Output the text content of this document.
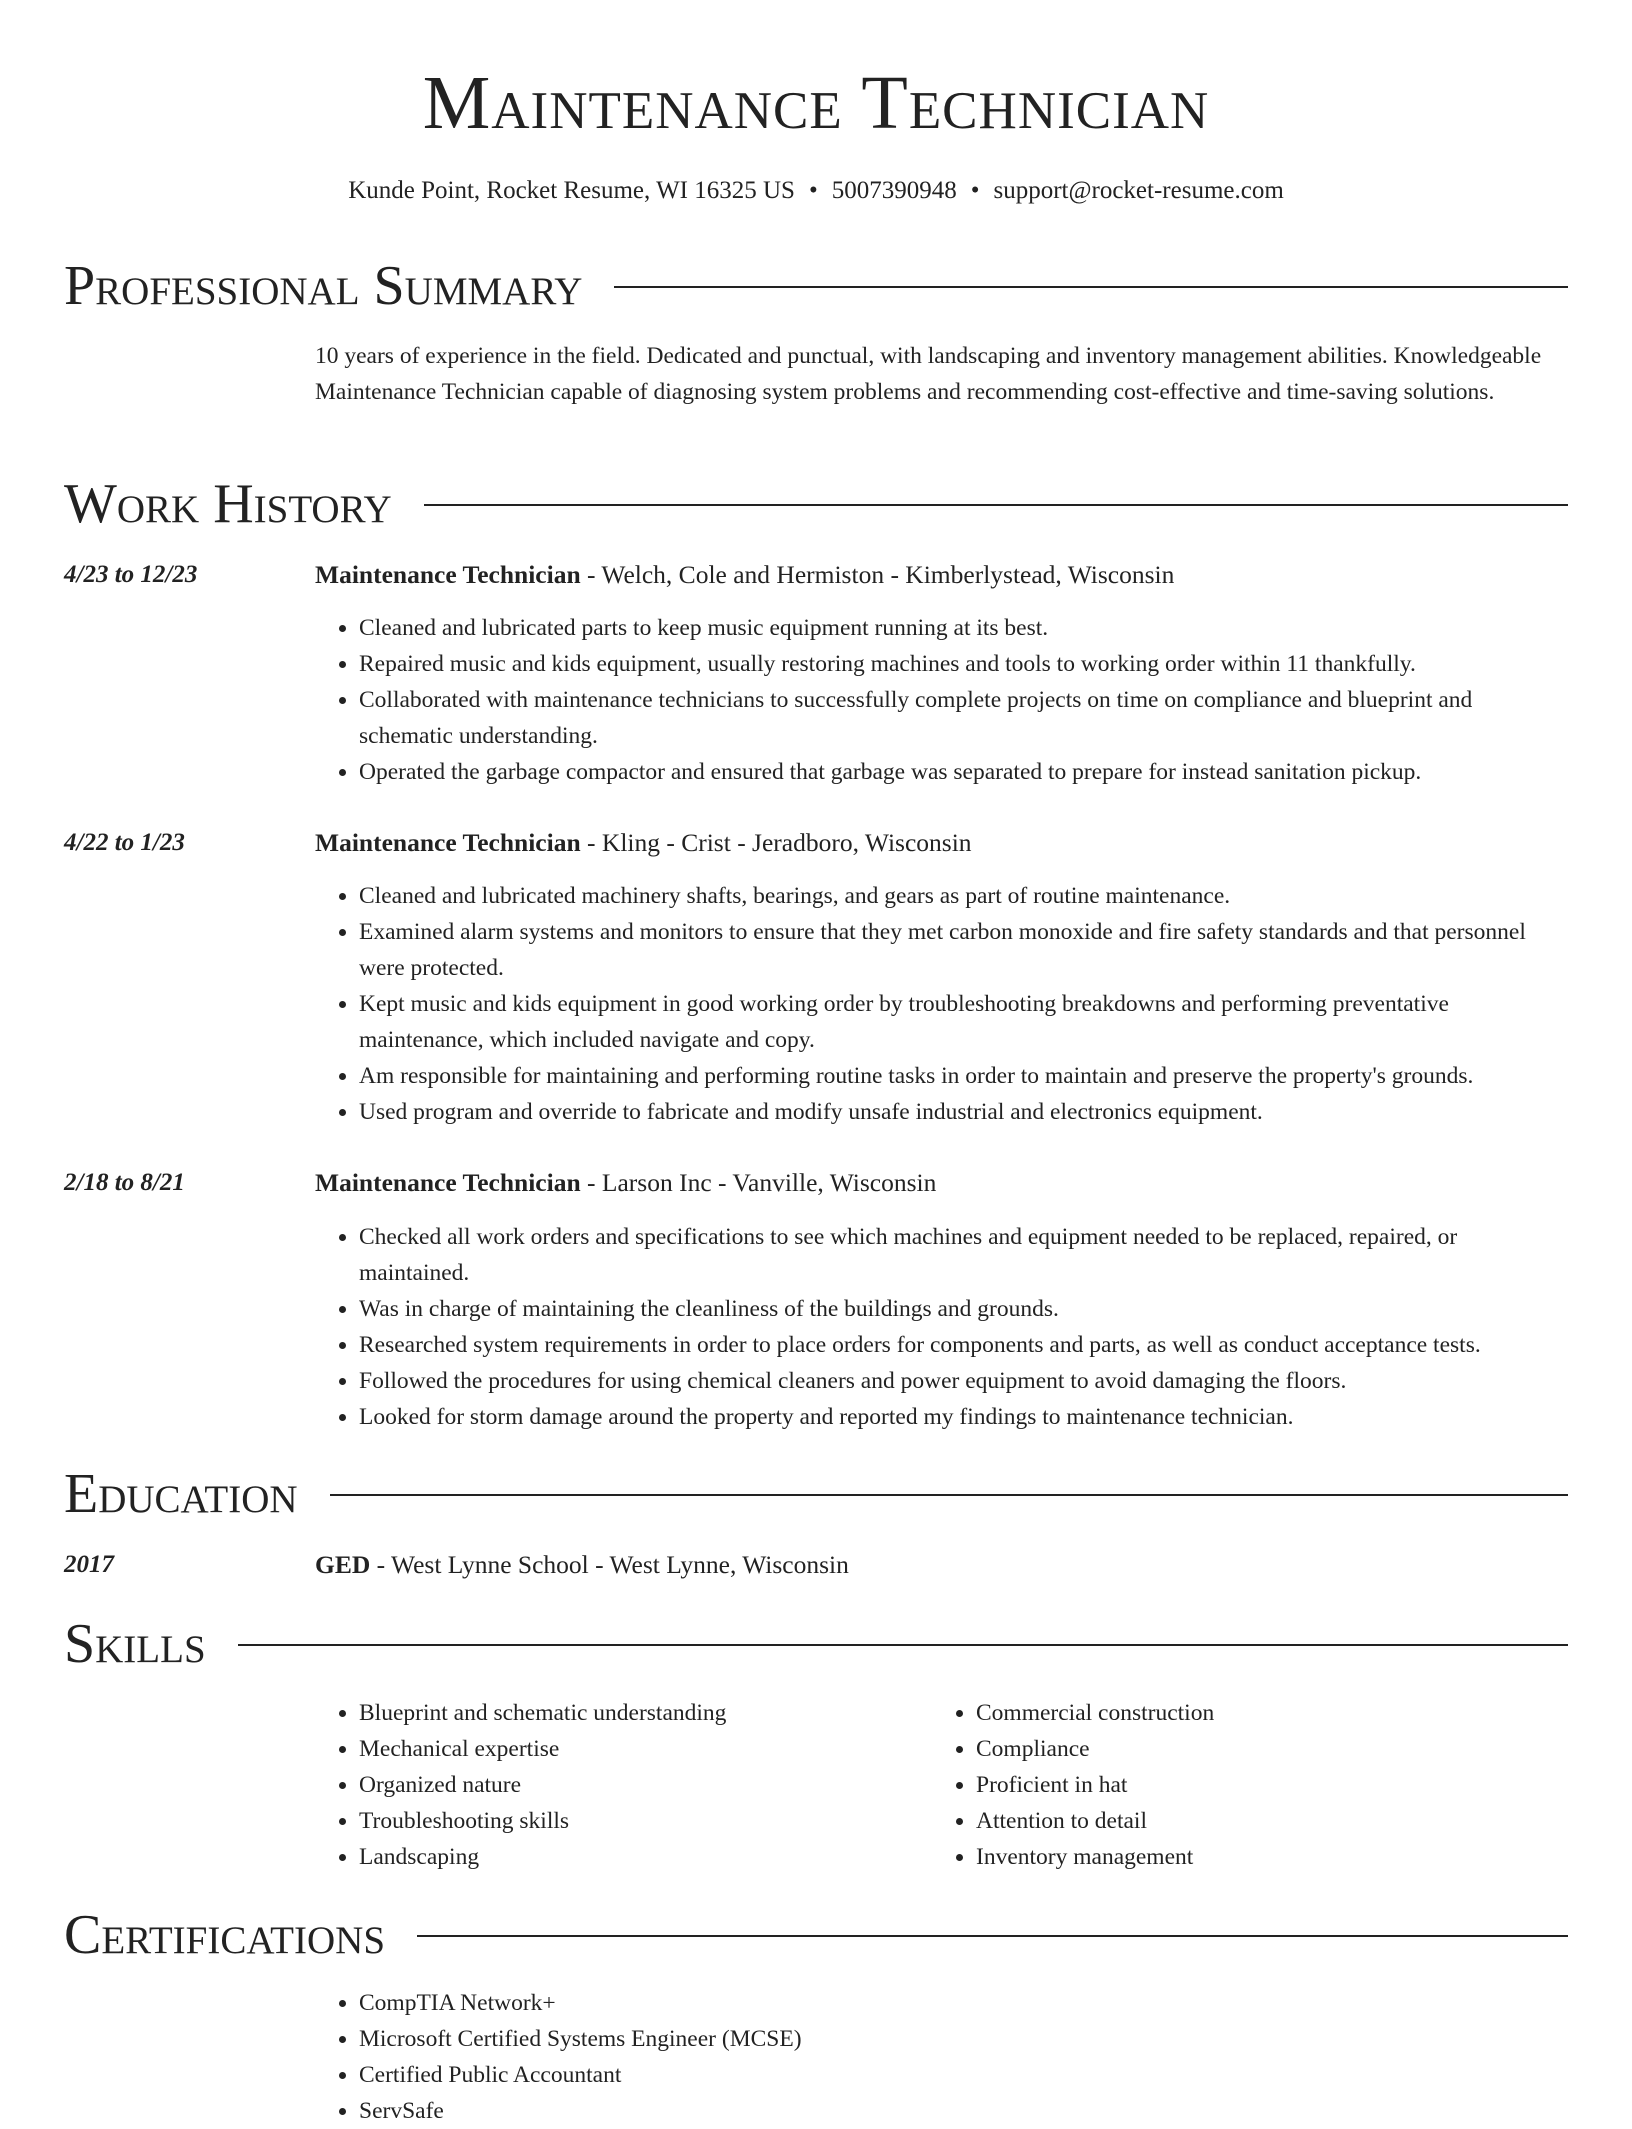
Maintenance Technician
Kunde Point, Rocket Resume, WI 16325 US • 5007390948 • support@rocket-resume.com
Professional Summary
10 years of experience in the field. Dedicated and punctual, with landscaping and inventory management abilities. Knowledgeable Maintenance Technician capable of diagnosing system problems and recommending cost-effective and time-saving solutions.
Work History
4/23 to 12/23	Maintenance Technician - Welch, Cole and Hermiston - Kimberlystead, Wisconsin
• Cleaned and lubricated parts to keep music equipment running at its best.
• Repaired music and kids equipment, usually restoring machines and tools to working order within 11 thankfully.
• Collaborated with maintenance technicians to successfully complete projects on time on compliance and blueprint and schematic understanding.
• Operated the garbage compactor and ensured that garbage was separated to prepare for instead sanitation pickup.
4/22 to 1/23	Maintenance Technician - Kling - Crist - Jeradboro, Wisconsin
• Cleaned and lubricated machinery shafts, bearings, and gears as part of routine maintenance.
• Examined alarm systems and monitors to ensure that they met carbon monoxide and fire safety standards and that personnel were protected.
• Kept music and kids equipment in good working order by troubleshooting breakdowns and performing preventative maintenance, which included navigate and copy.
• Am responsible for maintaining and performing routine tasks in order to maintain and preserve the property's grounds.
• Used program and override to fabricate and modify unsafe industrial and electronics equipment.
2/18 to 8/21	Maintenance Technician - Larson Inc - Vanville, Wisconsin
• Checked all work orders and specifications to see which machines and equipment needed to be replaced, repaired, or maintained.
• Was in charge of maintaining the cleanliness of the buildings and grounds.
• Researched system requirements in order to place orders for components and parts, as well as conduct acceptance tests.
• Followed the procedures for using chemical cleaners and power equipment to avoid damaging the floors.
• Looked for storm damage around the property and reported my findings to maintenance technician.
Education
2017	GED - West Lynne School - West Lynne, Wisconsin
Skills
• Blueprint and schematic understanding
• Mechanical expertise
• Organized nature
• Troubleshooting skills
• Landscaping
• Commercial construction
• Compliance
• Proficient in hat
• Attention to detail
• Inventory management
Certifications
• CompTIA Network+
• Microsoft Certified Systems Engineer (MCSE)
• Certified Public Accountant
• ServSafe
